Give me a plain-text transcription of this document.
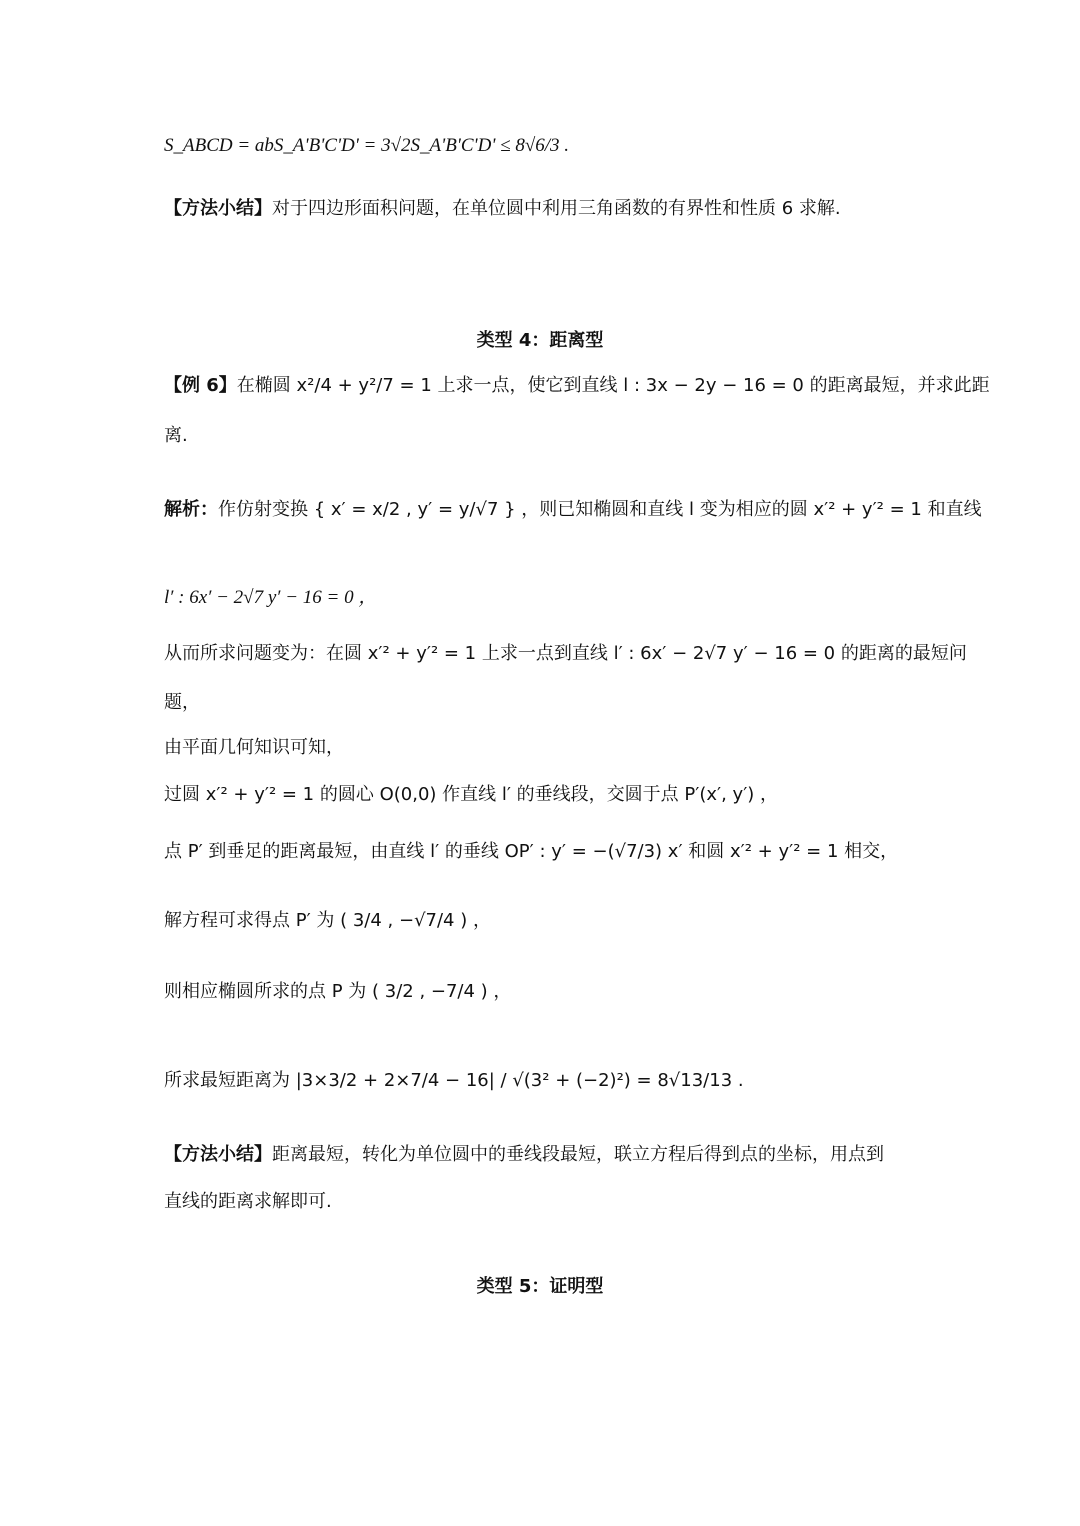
S_ABCD = abS_A'B'C'D' = 3√2S_A'B'C'D' ≤ 8√6/3 .
【方法小结】对于四边形面积问题，在单位圆中利用三角函数的有界性和性质 6 求解.
类型 4：距离型
【例 6】在椭圆 x²/4 + y²/7 = 1 上求一点，使它到直线 l : 3x − 2y − 16 = 0 的距离最短，并求此距
离.
解析：作仿射变换 { x′ = x/2 , y′ = y/√7 } ，则已知椭圆和直线 l 变为相应的圆 x′² + y′² = 1 和直线
l′ : 6x′ − 2√7 y′ − 16 = 0 ，
从而所求问题变为：在圆 x′² + y′² = 1 上求一点到直线 l′ : 6x′ − 2√7 y′ − 16 = 0 的距离的最短问
题，
由平面几何知识可知，
过圆 x′² + y′² = 1 的圆心 O(0,0) 作直线 l′ 的垂线段，交圆于点 P′(x′, y′) ，
点 P′ 到垂足的距离最短，由直线 l′ 的垂线 OP′ : y′ = −(√7/3) x′ 和圆 x′² + y′² = 1 相交，
解方程可求得点 P′ 为 ( 3/4 , −√7/4 ) ，
则相应椭圆所求的点 P 为 ( 3/2 , −7/4 ) ，
所求最短距离为 |3×3/2 + 2×7/4 − 16| / √(3² + (−2)²) = 8√13/13 .
【方法小结】距离最短，转化为单位圆中的垂线段最短，联立方程后得到点的坐标，用点到
直线的距离求解即可.
类型 5：证明型
